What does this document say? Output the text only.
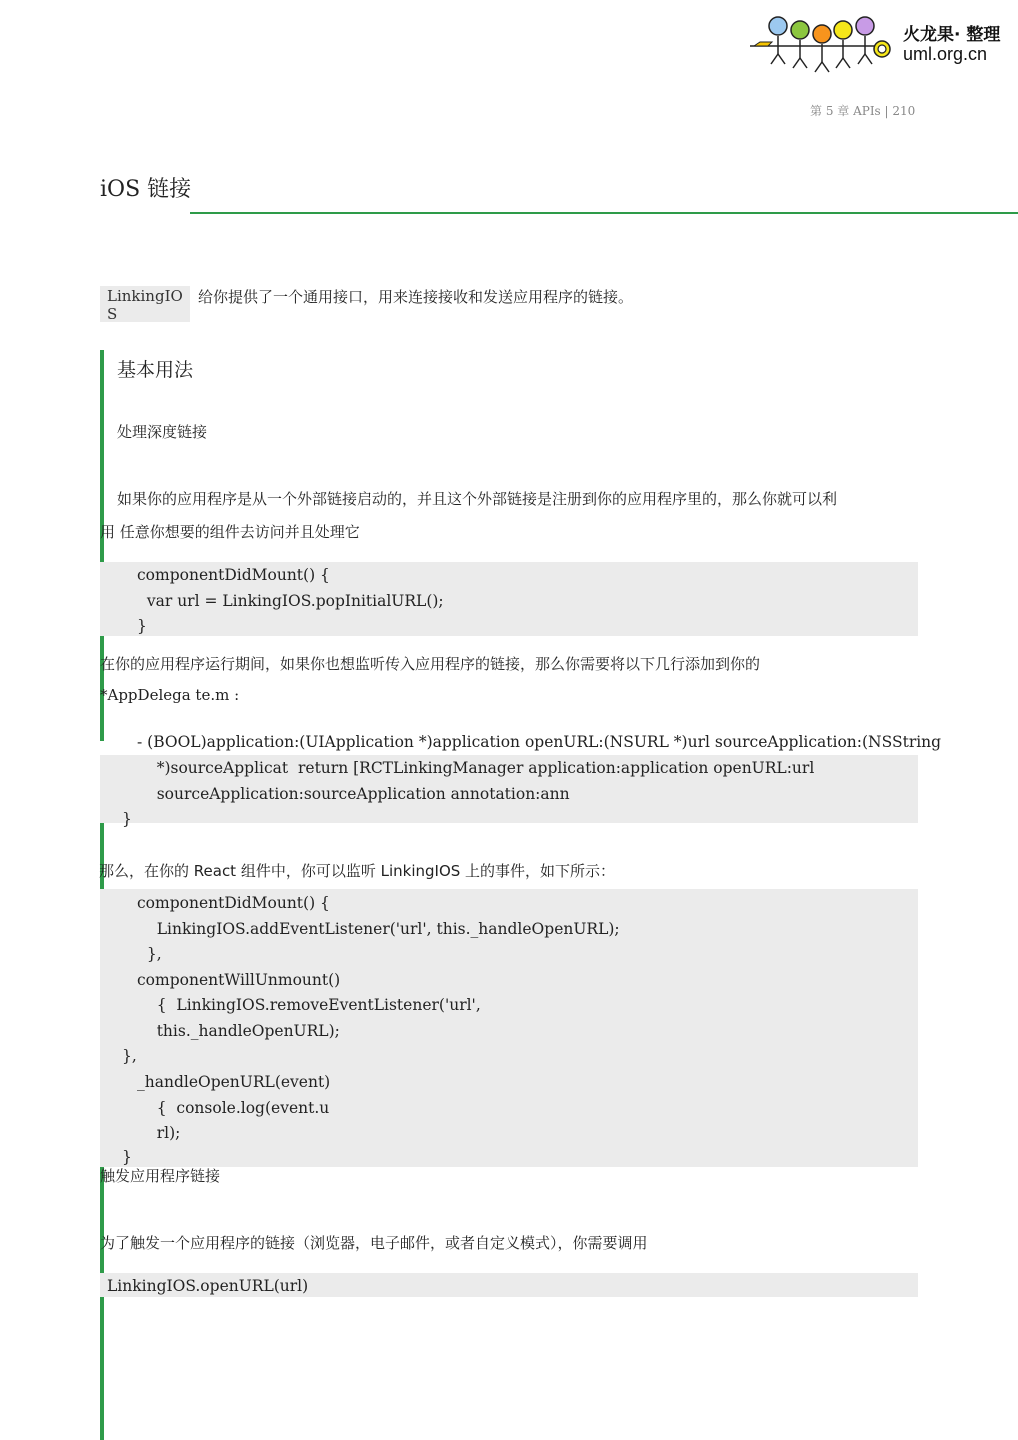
火龙果· 整理
uml.org.cn
第 5 章 APIs | 210
iOS 链接
LinkingIOS
给你提供了一个通用接口，用来连接接收和发送应用程序的链接。
基本用法
处理深度链接
如果你的应用程序是从一个外部链接启动的，并且这个外部链接是注册到你的应用程序里的，那么你就可以利
用 任意你想要的组件去访问并且处理它
componentDidMount() {
var url = LinkingIOS.popInitialURL();
}
在你的应用程序运行期间，如果你也想监听传入应用程序的链接，那么你需要将以下几行添加到你的
*AppDelega te.m :
- (BOOL)application:(UIApplication *)application openURL:(NSURL *)url sourceApplication:(NSString
*)sourceApplicat  return [RCTLinkingManager application:application openURL:url
sourceApplication:sourceApplication annotation:ann
}
那么，在你的 React 组件中，你可以监听 LinkingIOS 上的事件，如下所示：
componentDidMount() {
LinkingIOS.addEventListener('url', this._handleOpenURL);
},
componentWillUnmount()
{  LinkingIOS.removeEventListener('url',
this._handleOpenURL);
},
_handleOpenURL(event)
{  console.log(event.u
rl);
}
触发应用程序链接
为了触发一个应用程序的链接（浏览器，电子邮件，或者自定义模式），你需要调用
LinkingIOS.openURL(url)
